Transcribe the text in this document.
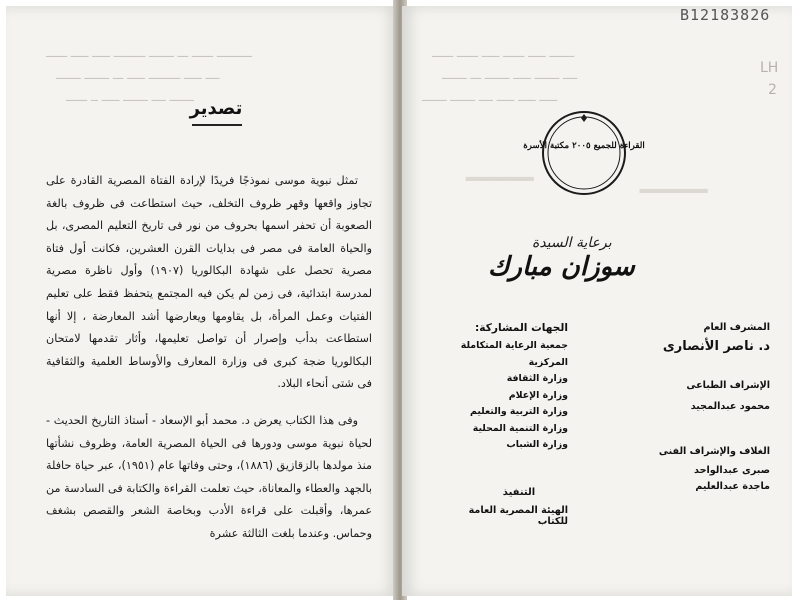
ــــــــــ ــــــ ـــ ـــــــ ـــــــــ ـــــ ـــــ ــــــ
ــــ ـــــ ـــــــــ ـــــ ـــ ـــــــ ـــــــ
ـــــــ ــــ ـــــــ ـــــ ــ ــــــ
تصدير

تمثل نبوية موسى نموذجًا فريدًا لإرادة الفتاة المصرية القادرة على تجاوز واقعها وقهر ظروف التخلف، حيث استطاعت فى ظروف بالغة الصعوبة أن تحفر اسمها بحروف من نور فى تاريخ التعليم المصرى، بل والحياة العامة فى مصر فى بدايات القرن العشرين، فكانت أول فتاة مصرية تحصل على شهادة البكالوريا (١٩٠٧) وأول ناظرة مصرية لمدرسة ابتدائية، فى زمن لم يكن فيه المجتمع يتحفظ فقط على تعليم الفتيات وعمل المرأة، بل يقاومها ويعارضها أشد المعارضة ، إلا أنها استطاعت بدأب وإصرار أن تواصل تعليمها، وأثار تقدمها لامتحان البكالوريا ضجة كبرى فى وزارة المعارف والأوساط العلمية والثقافية فى شتى أنحاء البلاد.

وفى هذا الكتاب يعرض د. محمد أبو الإسعاد - أستاذ التاريخ الحديث - لحياة نبوية موسى ودورها فى الحياة المصرية العامة، وظروف نشأتها منذ مولدها بالزقازيق (١٨٨٦)، وحتى وفاتها عام (١٩٥١)، عبر حياة حافلة بالجهد والعطاء والمعاناة، حيث تعلمت القراءة والكتابة فى السادسة من عمرها، وأقبلت على قراءة الأدب وبخاصة الشعر والقصص بشغف وحماس. وعندما بلغت الثالثة عشرة

ـــــــ ـــــ ــــــ ـــــ ــــــ ــــــ
ــــ ـــــــ ـــــ ـــــــ ـــ ـــــــ
ـــــ ـــــ ـــــ ــــ ـــــــ ـــــــ
B12183826
LH
2
ـــــ ـــــ
القراءة للجميع ٢٠٠٥ مكتبة الأسرة
برعاية السيدة
سوزان مبارك
المشرف العام
د. ناصر الأنصارى
الإشراف الطباعى
محمود عبدالمجيد
الغلاف والإشراف الفنى
صبرى عبدالواحد
ماجدة عبدالعليم
الجهات المشاركة:
جمعية الرعاية المتكاملة المركزية
وزارة الثقافة
وزارة الإعلام
وزارة التربية والتعليم
وزارة التنمية المحلية
وزارة الشباب
التنفيذ
الهيئة المصرية العامة للكتاب
